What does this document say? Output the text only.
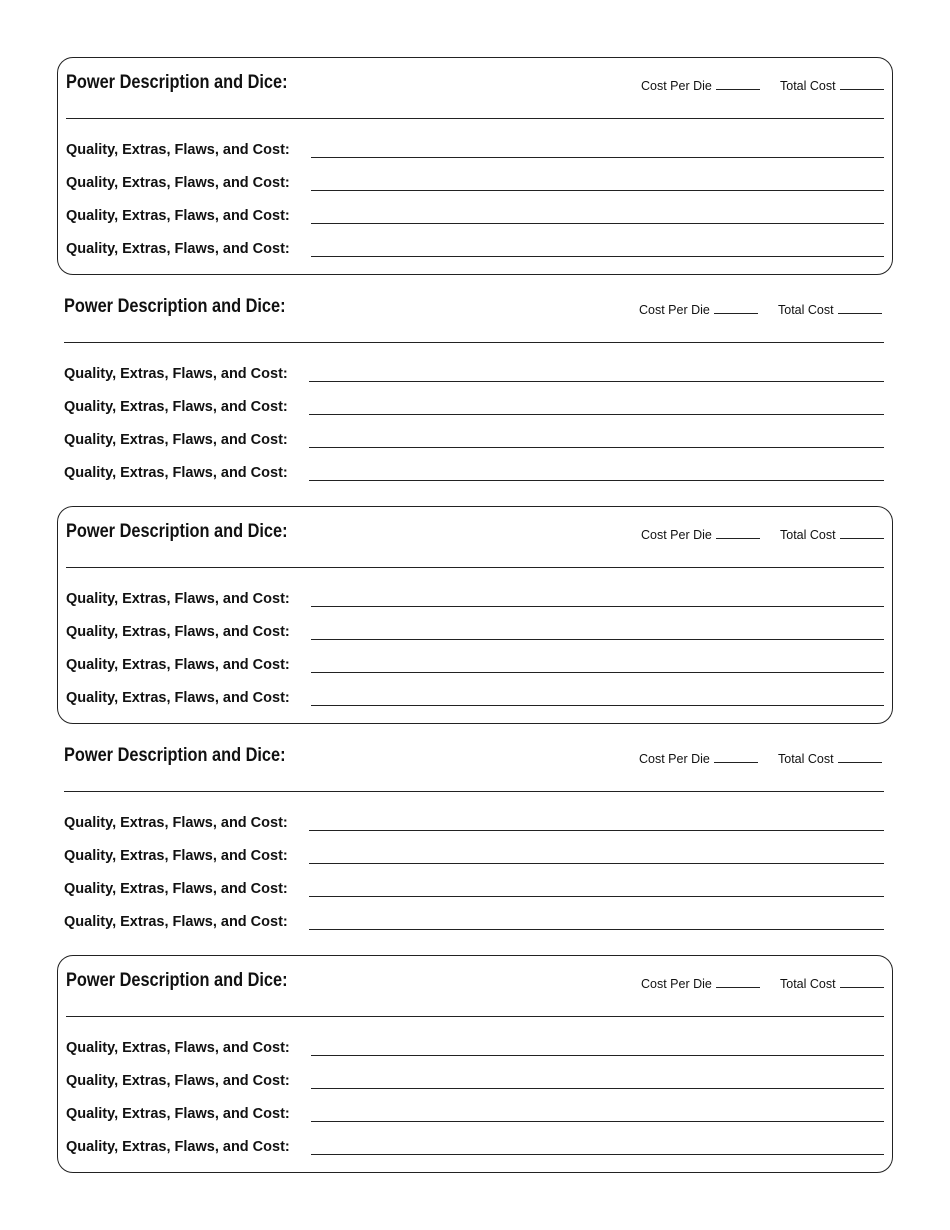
Power Description and Dice:	Cost Per Die	Total Cost
Quality, Extras, Flaws, and Cost:
Quality, Extras, Flaws, and Cost:
Quality, Extras, Flaws, and Cost:
Quality, Extras, Flaws, and Cost:
Power Description and Dice:	Cost Per Die	Total Cost
Quality, Extras, Flaws, and Cost:
Quality, Extras, Flaws, and Cost:
Quality, Extras, Flaws, and Cost:
Quality, Extras, Flaws, and Cost:
Power Description and Dice:	Cost Per Die	Total Cost
Quality, Extras, Flaws, and Cost:
Quality, Extras, Flaws, and Cost:
Quality, Extras, Flaws, and Cost:
Quality, Extras, Flaws, and Cost:
Power Description and Dice:	Cost Per Die	Total Cost
Quality, Extras, Flaws, and Cost:
Quality, Extras, Flaws, and Cost:
Quality, Extras, Flaws, and Cost:
Quality, Extras, Flaws, and Cost:
Power Description and Dice:	Cost Per Die	Total Cost
Quality, Extras, Flaws, and Cost:
Quality, Extras, Flaws, and Cost:
Quality, Extras, Flaws, and Cost:
Quality, Extras, Flaws, and Cost:
